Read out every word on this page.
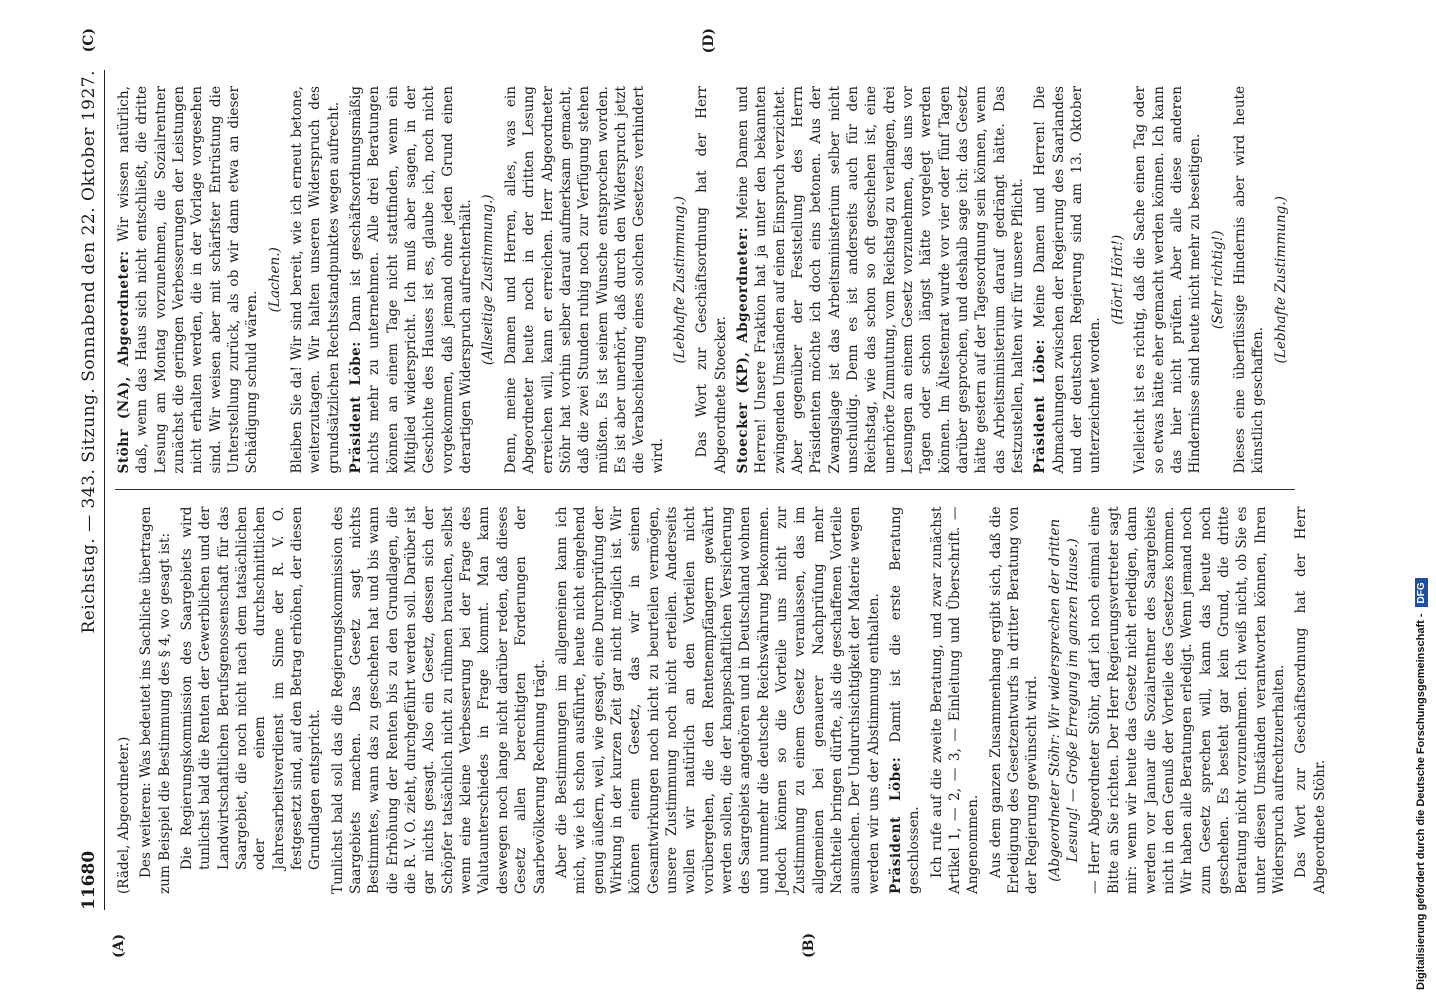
11680
Reichstag. — 343. Sitzung. Sonnabend den 22. Oktober 1927.

(Rädel, Abgeordneter.) Des weiteren: Was bedeutet ins Sachliche übertragen zum Beispiel die Bestimmung des § 4, wo gesagt ist: Die Regierungskommission des Saargebiets wird tunlichst bald die Renten der Gewerblichen und der Landwirtschaftlichen Berufsgenossenschaft für das Saargebiet, die noch nicht nach dem tatsächlichen oder einem durchschnittlichen Jahresarbeitsverdienst im Sinne der R. V. O. festgesetzt sind, auf den Betrag erhöhen, der diesen Grundlagen entspricht. Tunlichst bald soll das die Regierungskommission des Saargebiets machen. Das Gesetz sagt nichts Bestimmtes, wann das zu geschehen hat und bis wann die Erhöhung der Renten bis zu den Grundlagen, die die R. V. O. zieht, durchgeführt werden soll. Darüber ist gar nichts gesagt. Also ein Gesetz, dessen sich der Schöpfer tatsächlich nicht zu rühmen brauchen, selbst wenn eine kleine Verbesserung bei der Frage des Valutaunterschiedes in Frage kommt. Man kann deswegen noch lange nicht darüber reden, daß dieses Gesetz allen berechtigten Forderungen der Saarbevölkerung Rechnung trägt. Aber die Bestimmungen im allgemeinen kann ich mich, wie ich schon ausführte, heute nicht eingehend genug äußern, weil, wie gesagt, eine Durchprüfung der Wirkung in der kurzen Zeit gar nicht möglich ist. Wir können einem Gesetz, das wir in seinen Gesamtwirkungen noch nicht zu beurteilen vermögen, unsere Zustimmung noch nicht erteilen. Anderseits wollen wir natürlich an den Vorteilen nicht vorübergehen, die den Rentenempfängern gewährt werden sollen, die der knappschaftlichen Versicherung des Saargebiets angehören und in Deutschland wohnen und nunmehr die deutsche Reichswährung bekommen. Jedoch können so die Vorteile uns nicht zur Zustimmung zu einem Gesetz veranlassen, das im allgemeinen bei genauerer Nachprüfung mehr Nachteile bringen dürfte, als die geschaffenen Vorteile ausmachen. Der Undurchsichtigkeit der Materie wegen werden wir uns der Abstimmung enthalten. Präsident Löbe: Damit ist die erste Beratung geschlossen. Ich rufe auf die zweite Beratung, und zwar zunächst Artikel 1, — 2, — 3, — Einleitung und Überschrift. — Angenommen. Aus dem ganzen Zusammenhang ergibt sich, daß die Erledigung des Gesetzentwurfs in dritter Beratung von der Regierung gewünscht wird. (Abgeordneter Stöhr: Wir widersprechen der dritten Lesung! — Große Erregung im ganzen Hause.) — Herr Abgeordneter Stöhr, darf ich noch einmal eine Bitte an Sie richten. Der Herr Regierungsvertreter sagt mir: wenn wir heute das Gesetz nicht erledigen, dann werden vor Januar die Sozialrentner des Saargebiets nicht in den Genuß der Vorteile des Gesetzes kommen. Wir haben alle Beratungen erledigt. Wenn jemand noch zum Gesetz sprechen will, kann das heute noch geschehen. Es besteht gar kein Grund, die dritte Beratung nicht vorzunehmen. Ich weiß nicht, ob Sie es unter diesen Umständen verantworten können, Ihren Widerspruch aufrechtzuerhalten. Das Wort zur Geschäftsordnung hat der Herr Abgeordnete Stöhr.

Stöhr (NA), Abgeordneter: Wir wissen natürlich, daß, wenn das Haus sich nicht entschließt, die dritte Lesung am Montag vorzunehmen, die Sozialrentner zunächst die geringen Verbesserungen der Leistungen nicht erhalten werden, die in der Vorlage vorgesehen sind. Wir weisen aber mit schärfster Entrüstung die Unterstellung zurück, als ob wir dann etwa an dieser Schädigung schuld wären.

(Lachen.) Bleiben Sie da! Wir sind bereit, wie ich erneut betone, weiterzutagen. Wir halten unseren Widerspruch des grundsätzlichen Rechtsstandpunktes wegen aufrecht. Präsident Löbe: Dann ist geschäftsordnungsmäßig nichts mehr zu unternehmen. Alle drei Beratungen können an einem Tage nicht stattfinden, wenn ein Mitglied widerspricht. Ich muß aber sagen, in der Geschichte des Hauses ist es, glaube ich, noch nicht vorgekommen, daß jemand ohne jeden Grund einen derartigen Widerspruch aufrechterhält. (Allseitige Zustimmung.) Denn, meine Damen und Herren, alles, was ein Abgeordneter heute noch in der dritten Lesung erreichen will, kann er erreichen. Herr Abgeordneter Stöhr hat vorhin selber darauf aufmerksam gemacht, daß die zwei Stunden ruhig noch zur Verfügung stehen müßten. Es ist seinem Wunsche entsprochen worden. Es ist aber unerhört, daß durch den Widerspruch jetzt die Verabschiedung eines solchen Gesetzes verhindert wird.

(Lebhafte Zustimmung.) Das Wort zur Geschäftsordnung hat der Herr Abgeordnete Stoecker. Stoecker (KP), Abgeordneter: Meine Damen und Herren! Unsere Fraktion hat ja unter den bekannten zwingenden Umständen auf einen Einspruch verzichtet. Aber gegenüber der Feststellung des Herrn Präsidenten möchte ich doch eins betonen. Aus der Zwangslage ist das Arbeitsministerium selber nicht unschuldig. Denn es ist anderseits auch für den Reichstag, wie das schon so oft geschehen ist, eine unerhörte Zumutung, vom Reichstag zu verlangen, drei Lesungen an einem Gesetz vorzunehmen, das uns vor Tagen oder schon längst hätte vorgelegt werden können. Im Ältestenrat wurde vor vier oder fünf Tagen darüber gesprochen, und deshalb sage ich: das Gesetz hätte gestern auf der Tagesordnung sein können, wenn das Arbeitsministerium darauf gedrängt hätte. Das festzustellen, halten wir für unsere Pflicht. Präsident Löbe: Meine Damen und Herren! Die Abmachungen zwischen der Regierung des Saarlandes und der deutschen Regierung sind am 13. Oktober unterzeichnet worden.

(Hört! Hört!) Vielleicht ist es richtig, daß die Sache einen Tag oder so etwas hätte eher gemacht werden können. Ich kann das hier nicht prüfen. Aber alle diese anderen Hindernisse sind heute nicht mehr zu beseitigen. (Sehr richtig!) Dieses eine überflüssige Hindernis aber wird heute künstlich geschaffen.

(Lebhafte Zustimmung.)

(A)	(B)
(C)	(D)
Digitalisierung gefördert durch die Deutsche Forschungsgemeinschaft -
DFG
